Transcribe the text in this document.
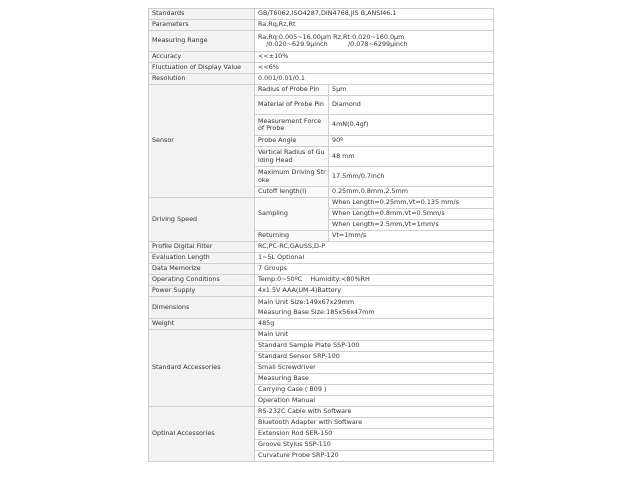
Standards	GB/T6062,ISO4287,DIN4768,JIS B,ANSI46.1	
Parameters	Ra,Rq,Rz,Rt	
Measuring Range	Ra,Rq:0.005~16.00μm Rz,Rt:0.020~160.0μm
/0.020~629.9μinch          /0.078~6299μinch	
Accuracy	<<±10%	
Fluctuation of Display Value	<<6%	
Resolution	0.001/0.01/0.1	
Sensor	Radius of Probe Pin	5μm
	Material of Probe Pin	Diamond
	Measurement Force of Probe	4mN(0.4gf)
	Probe Angle	90º
	Vertical Radius of Guiding Head	48 mm
	Maximum Driving Stroke	17.5mm/0.7inch
	Cutoff length(l)	0.25mm,0.8mm,2.5mm
Driving Speed	Sampling	When Length=0.25mm,Vt=0.135 mm/s
		When Length=0.8mm,Vt=0.5mm/s
		When Length=2.5mm,Vt=1mm/s
	Returning	Vt=1mm/s
Profile Digital Filter	RC,PC-RC,GAUSS,D-P	
Evaluation Length	1~5L Optional	
Data Memorize	7 Groups	
Operating Conditions	Temp:0~50ºC    Humidity:<80%RH	
Power Supply	4x1.5V AAA(UM-4)Battery	
Dimensions	Main Unit Size:149x67x29mm	
	Measuring Base Size:185x56x47mm	
Weight	485g	
Standard Accessories	Main Unit	
	Standard Sample Plate SSP-100	
	Standard Sensor SRP-100	
	Small Screwdriver	
	Measuring Base	
	Carrying Case ( B09 )	
	Operation Manual	
Optinal Accessories	RS-232C Cable with Software	
	Bluetooth Adapter with Software	
	Extension Rod SER-150	
	Groove Stylus SSP-110	
	Curvature Probe SRP-120	
